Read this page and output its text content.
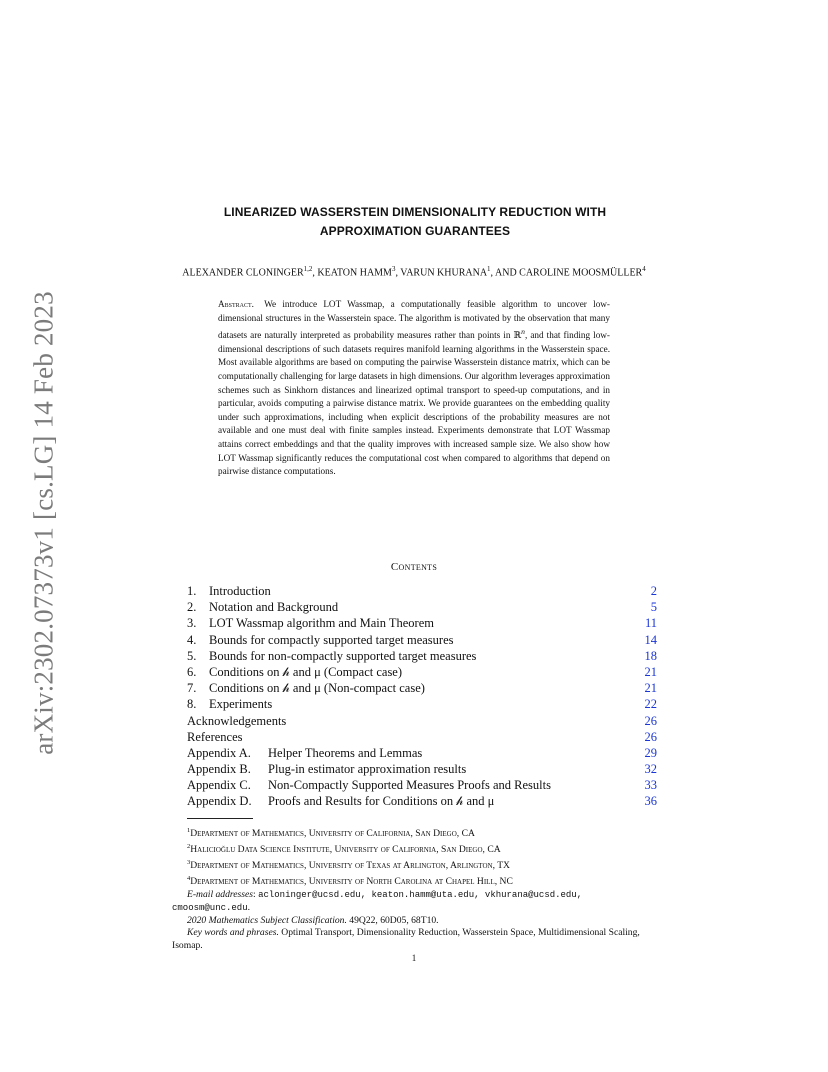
arXiv:2302.07373v1 [cs.LG] 14 Feb 2023
LINEARIZED WASSERSTEIN DIMENSIONALITY REDUCTION WITH
APPROXIMATION GUARANTEES
ALEXANDER CLONINGER$^{1,2}$, KEATON HAMM$^3$, VARUN KHURANA$^1$, AND CAROLINE MOOSMÜLLER$^4$
Abstract. We introduce LOT Wassmap, a computationally feasible algorithm to uncover low-dimensional structures in the Wasserstein space. The algorithm is motivated by the observation that many datasets are naturally interpreted as probability measures rather than points in ℝ$^n$, and that finding low-dimensional descriptions of such datasets requires manifold learning algorithms in the Wasserstein space. Most available algorithms are based on computing the pairwise Wasserstein distance matrix, which can be computationally challenging for large datasets in high dimensions. Our algorithm leverages approximation schemes such as Sinkhorn distances and linearized optimal transport to speed-up computations, and in particular, avoids computing a pairwise distance matrix. We provide guarantees on the embedding quality under such approximations, including when explicit descriptions of the probability measures are not available and one must deal with finite samples instead. Experiments demonstrate that LOT Wassmap attains correct embeddings and that the quality improves with increased sample size. We also show how LOT Wassmap significantly reduces the computational cost when compared to algorithms that depend on pairwise distance computations.
Contents
1. Introduction	2
2. Notation and Background	5
3. LOT Wassmap algorithm and Main Theorem	11
4. Bounds for compactly supported target measures	14
5. Bounds for non-compactly supported target measures	18
6. Conditions on 𝒽 and μ (Compact case)	21
7. Conditions on 𝒽 and μ (Non-compact case)	21
8. Experiments	22
Acknowledgements	26
References	26
Appendix A. Helper Theorems and Lemmas	29
Appendix B. Plug-in estimator approximation results	32
Appendix C. Non-Compactly Supported Measures Proofs and Results	33
Appendix D. Proofs and Results for Conditions on 𝒽 and μ	36
$^1$Department of Mathematics, University of California, San Diego, CA
$^2$Halıcıoğlu Data Science Institute, University of California, San Diego, CA
$^3$Department of Mathematics, University of Texas at Arlington, Arlington, TX
$^4$Department of Mathematics, University of North Carolina at Chapel Hill, NC
E-mail addresses: acloninger@ucsd.edu, keaton.hamm@uta.edu, vkhurana@ucsd.edu,
cmoosm@unc.edu.
2020 Mathematics Subject Classification. 49Q22, 60D05, 68T10.
Key words and phrases. Optimal Transport, Dimensionality Reduction, Wasserstein Space, Multidimensional Scaling, Isomap.
1
